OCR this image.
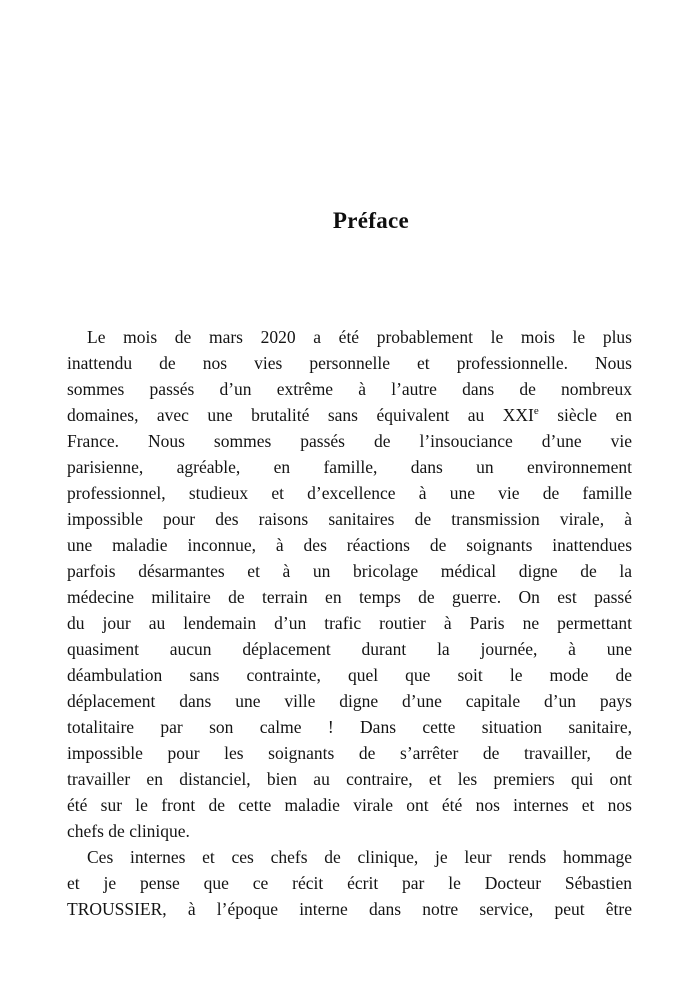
Préface
Le mois de mars 2020 a été probablement le mois le plus
inattendu de nos vies personnelle et professionnelle. Nous
sommes passés d’un extrême à l’autre dans de nombreux
domaines, avec une brutalité sans équivalent au XXIe siècle en
France. Nous sommes passés de l’insouciance d’une vie
parisienne, agréable, en famille, dans un environnement
professionnel, studieux et d’excellence à une vie de famille
impossible pour des raisons sanitaires de transmission virale, à
une maladie inconnue, à des réactions de soignants inattendues
parfois désarmantes et à un bricolage médical digne de la
médecine militaire de terrain en temps de guerre. On est passé
du jour au lendemain d’un trafic routier à Paris ne permettant
quasiment aucun déplacement durant la journée, à une
déambulation sans contrainte, quel que soit le mode de
déplacement dans une ville digne d’une capitale d’un pays
totalitaire par son calme ! Dans cette situation sanitaire,
impossible pour les soignants de s’arrêter de travailler, de
travailler en distanciel, bien au contraire, et les premiers qui ont
été sur le front de cette maladie virale ont été nos internes et nos
chefs de clinique.
Ces internes et ces chefs de clinique, je leur rends hommage
et je pense que ce récit écrit par le Docteur Sébastien
TROUSSIER, à l’époque interne dans notre service, peut être
